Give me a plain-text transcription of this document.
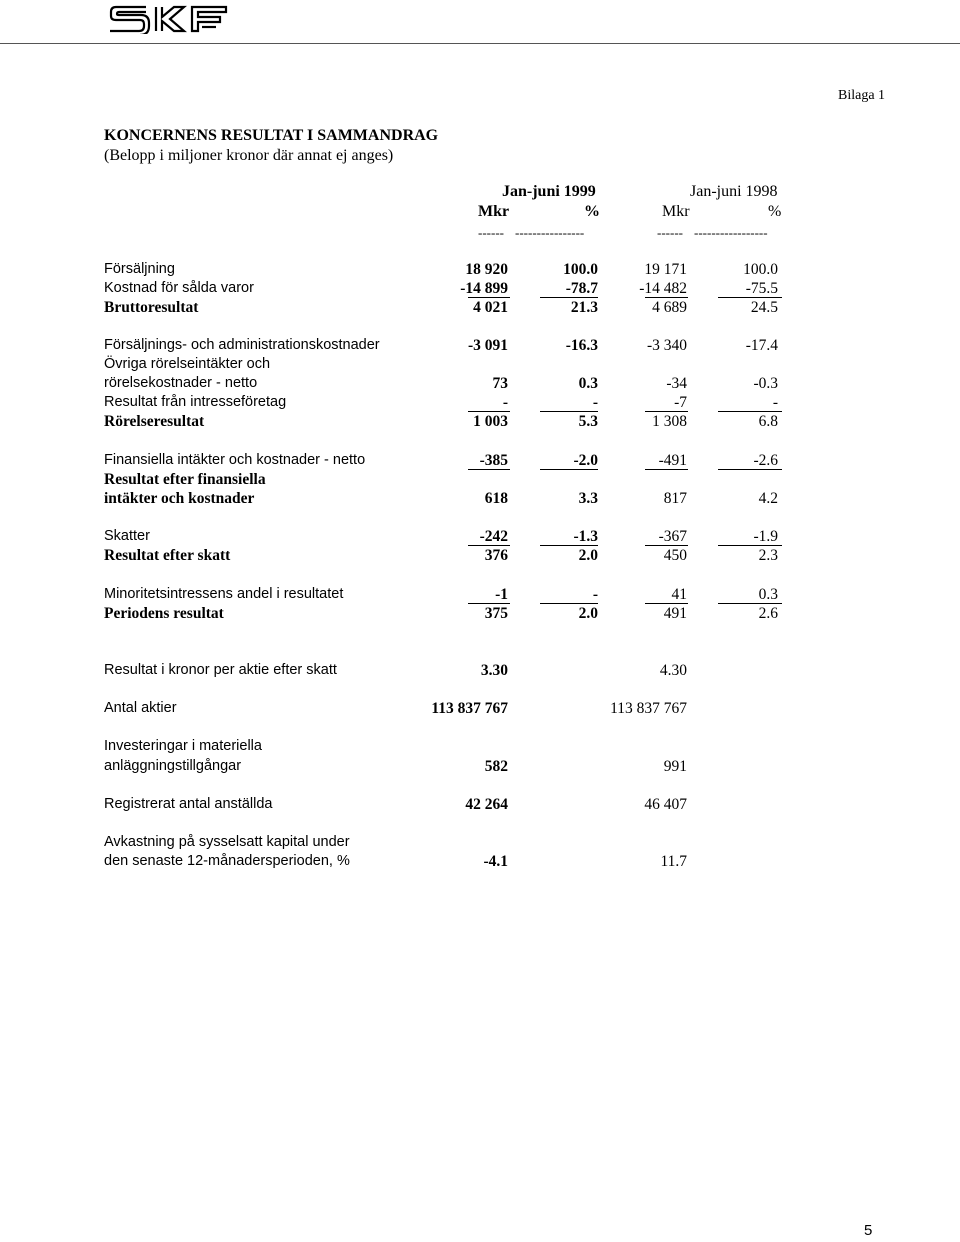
Bilaga 1
KONCERNENS RESULTAT I SAMMANDRAG
(Belopp i miljoner kronor där annat ej anges)
Jan-juni 1999	Jan-juni 1998
Mkr	%	Mkr	%
------ ----------------	------ -----------------
Försäljning	18 920	100.0	19 171	100.0
Kostnad för sålda varor	-14 899	-78.7	-14 482	-75.5
Bruttoresultat	4 021	21.3	4 689	24.5
Försäljnings- och administrationskostnader	-3 091	-16.3	-3 340	-17.4
Övriga rörelseintäkter och
rörelsekostnader - netto	73	0.3	-34	-0.3
Resultat från intresseföretag	-	-	-7	-
Rörelseresultat	1 003	5.3	1 308	6.8
Finansiella intäkter och kostnader - netto	-385	-2.0	-491	-2.6
Resultat efter finansiella
intäkter och kostnader	618	3.3	817	4.2
Skatter	-242	-1.3	-367	-1.9
Resultat efter skatt	376	2.0	450	2.3
Minoritetsintressens andel i resultatet	-1	-	41	0.3
Periodens resultat	375	2.0	491	2.6
Resultat i kronor per aktie efter skatt	3.30	4.30
Antal aktier	113 837 767	113 837 767
Investeringar i materiella
anläggningstillgångar	582	991
Registrerat antal anställda	42 264	46 407
Avkastning på sysselsatt kapital under
den senaste 12-månadersperioden, %	-4.1	11.7
5
